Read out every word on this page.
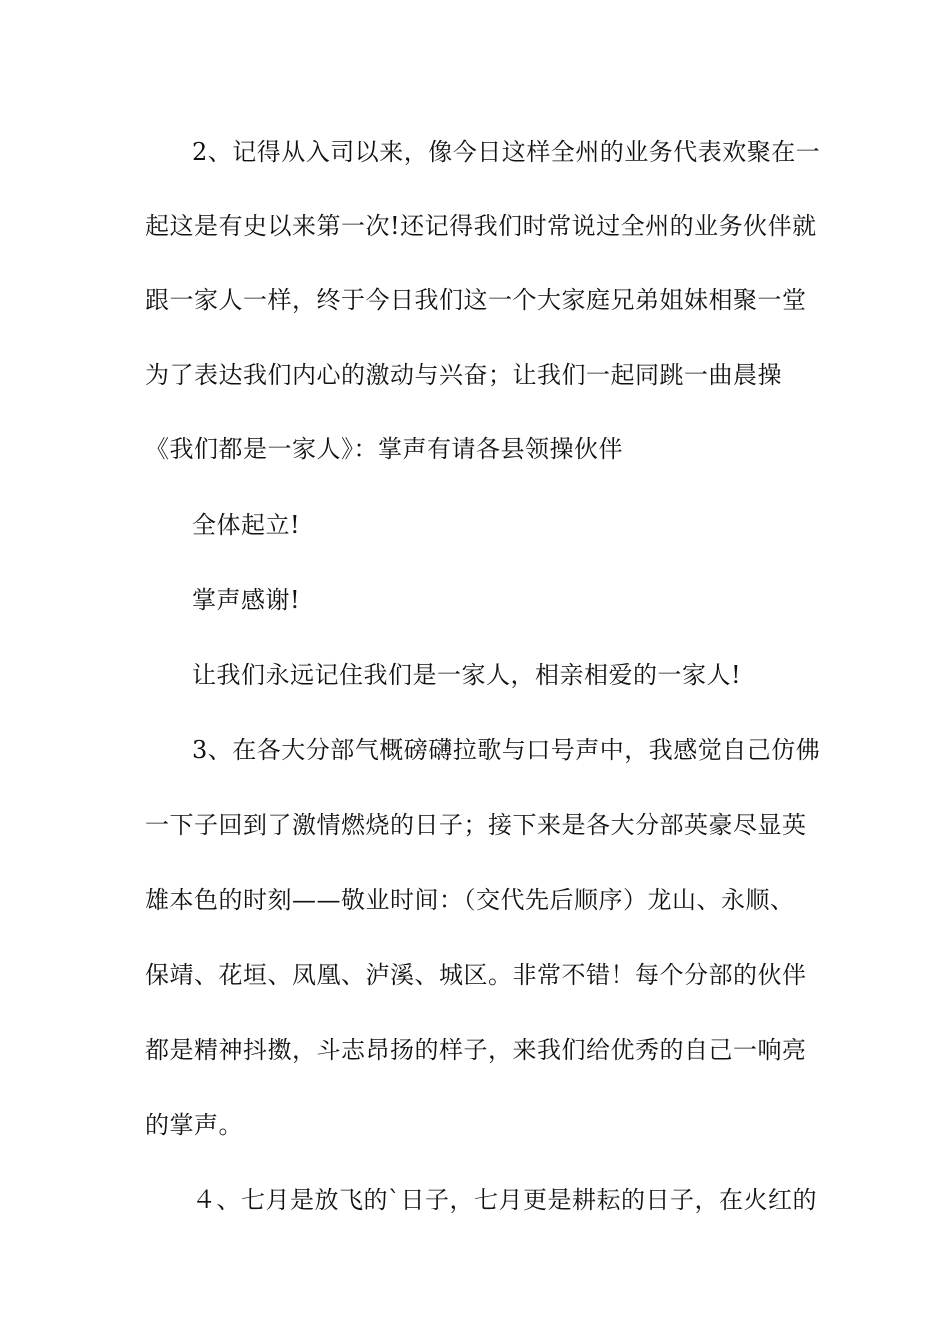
2、记得从入司以来，像今日这样全州的业务代表欢聚在一
起这是有史以来第一次!还记得我们时常说过全州的业务伙伴就
跟一家人一样，终于今日我们这一个大家庭兄弟姐妹相聚一堂
为了表达我们内心的激动与兴奋；让我们一起同跳一曲晨操
《我们都是一家人》：掌声有请各县领操伙伴
全体起立!
掌声感谢!
让我们永远记住我们是一家人，相亲相爱的一家人!
3、在各大分部气概磅礴拉歌与口号声中，我感觉自己仿佛
一下子回到了激情燃烧的日子；接下来是各大分部英豪尽显英
雄本色的时刻——敬业时间：（交代先后顺序）龙山、永顺、
保靖、花垣、凤凰、泸溪、城区。非常不错！每个分部的伙伴
都是精神抖擞，斗志昂扬的样子，来我们给优秀的自己一响亮
的掌声。
４、七月是放飞的`日子，七月更是耕耘的日子，在火红的
